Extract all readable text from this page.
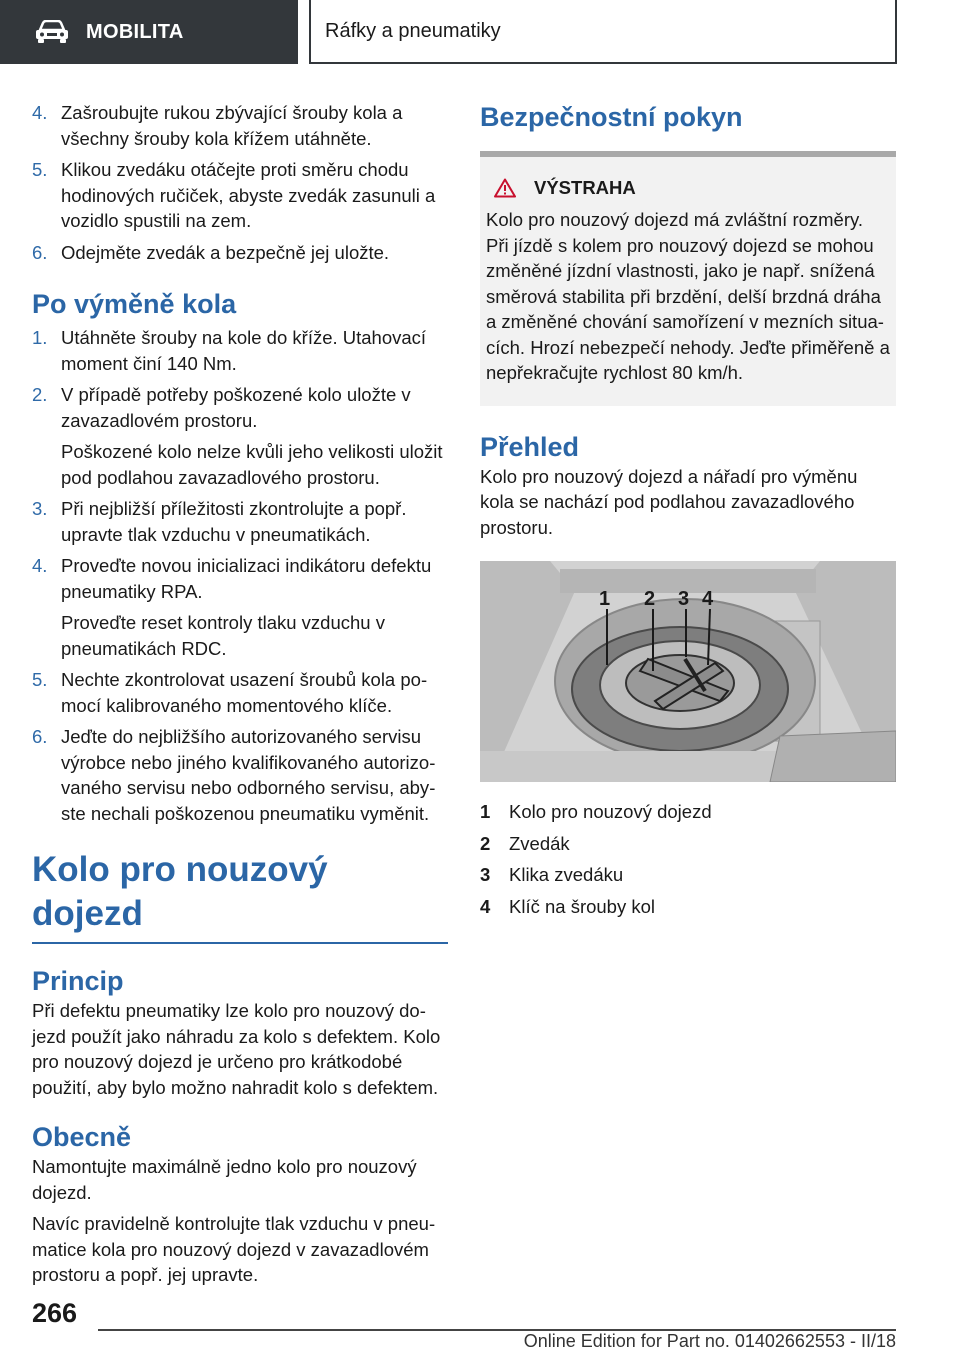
MOBILITA	Ráfky a pneumatiky
4. Zašroubujte rukou zbývající šrouby kola a všechny šrouby kola křížem utáhněte.
5. Klikou zvedáku otáčejte proti směru chodu hodinových ručiček, abyste zvedák zasunuli a vozidlo spustili na zem.
6. Odejměte zvedák a bezpečně jej uložte.
Po výměně kola
1. Utáhněte šrouby na kole do kříže. Utahovací moment činí 140 Nm.
2. V případě potřeby poškozené kolo uložte v zavazadlovém prostoru.
Poškozené kolo nelze kvůli jeho velikosti uložit pod podlahou zavazadlového prostoru.
3. Při nejbližší příležitosti zkontrolujte a popř. upravte tlak vzduchu v pneumatikách.
4. Proveďte novou inicializaci indikátoru defektu pneumatiky RPA.
Proveďte reset kontroly tlaku vzduchu v pneumatikách RDC.
5. Nechte zkontrolovat usazení šroubů kola pomocí kalibrovaného momentového klíče.
6. Jeďte do nejbližšího autorizovaného servisu výrobce nebo jiného kvalifikovaného autorizovaného servisu nebo odborného servisu, abyste nechali poškozenou pneumatiku vyměnit.
Kolo pro nouzový dojezd
Princip
Při defektu pneumatiky lze kolo pro nouzový dojezd použít jako náhradu za kolo s defektem. Kolo pro nouzový dojezd je určeno pro krátkodobé použití, aby bylo možno nahradit kolo s defektem.
Obecně
Namontujte maximálně jedno kolo pro nouzový dojezd.
Navíc pravidelně kontrolujte tlak vzduchu v pneumatice kola pro nouzový dojezd v zavazadlovém prostoru a popř. jej upravte.
Bezpečnostní pokyn
VÝSTRAHA
Kolo pro nouzový dojezd má zvláštní rozměry. Při jízdě s kolem pro nouzový dojezd se mohou změněné jízdní vlastnosti, jako je např. snížená směrová stabilita při brzdění, delší brzdná dráha a změněné chování samořízení v mezních situacích. Hrozí nebezpečí nehody. Jeďte přiměřeně a nepřekračujte rychlost 80 km/h.
Přehled
Kolo pro nouzový dojezd a nářadí pro výměnu kola se nachází pod podlahou zavazadlového prostoru.
1 2 3 4
1	Kolo pro nouzový dojezd
2	Zvedák
3	Klika zvedáku
4	Klíč na šrouby kol
266
Online Edition for Part no. 01402662553 - II/18
